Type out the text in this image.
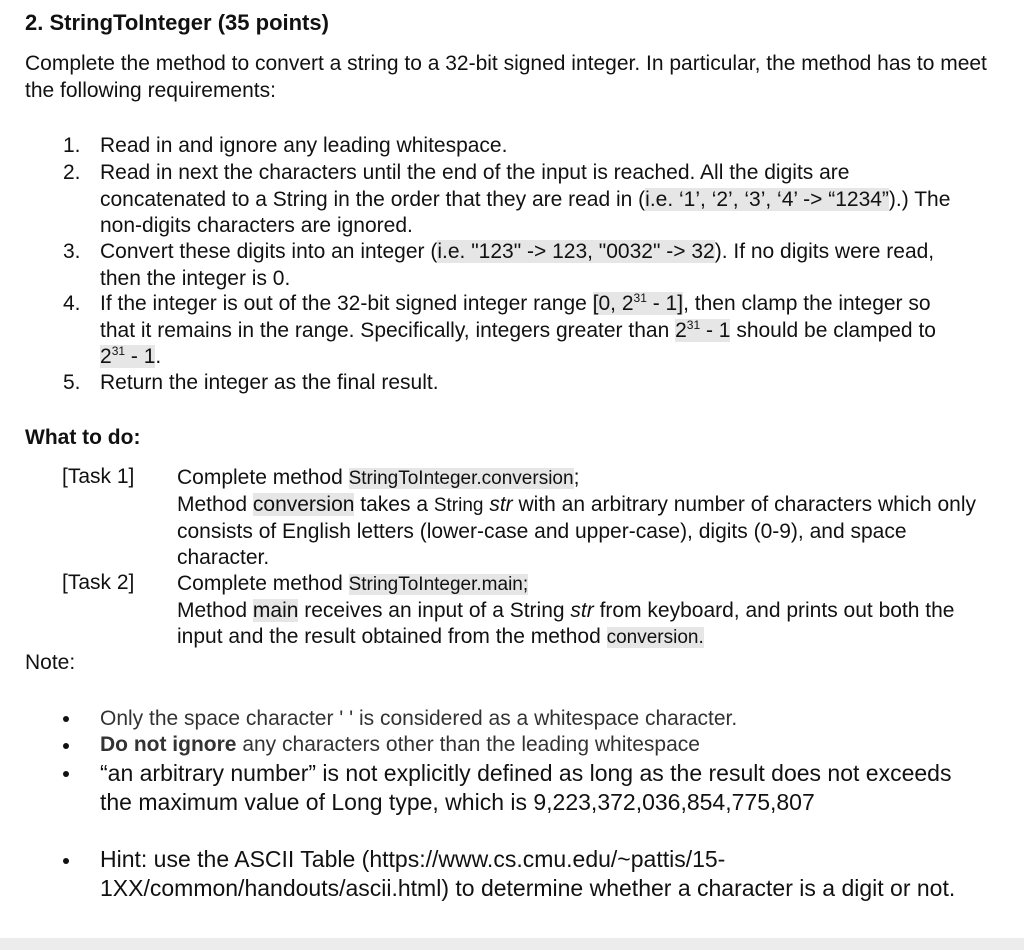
2. StringToInteger (35 points)
Complete the method to convert a string to a 32-bit signed integer. In particular, the method has to meet the following requirements:
1. Read in and ignore any leading whitespace.
2. Read in next the characters until the end of the input is reached. All the digits are concatenated to a String in the order that they are read in (i.e. ‘1’, ‘2’, ‘3’, ‘4’ -> “1234”).) The non-digits characters are ignored.
3. Convert these digits into an integer (i.e. "123" -> 123, "0032" -> 32). If no digits were read, then the integer is 0.
4. If the integer is out of the 32-bit signed integer range [0, $2^{31} - 1$], then clamp the integer so that it remains in the range. Specifically, integers greater than $2^{31} - 1$ should be clamped to $2^{31} - 1$.
5. Return the integer as the final result.
What to do:
[Task 1] Complete method StringToInteger.conversion;
Method conversion takes a String str with an arbitrary number of characters which only consists of English letters (lower-case and upper-case), digits (0-9), and space character.
[Task 2] Complete method StringToInteger.main;
Method main receives an input of a String str from keyboard, and prints out both the input and the result obtained from the method conversion.
Note:
Only the space character ' ' is considered as a whitespace character.
Do not ignore any characters other than the leading whitespace
“an arbitrary number” is not explicitly defined as long as the result does not exceeds the maximum value of Long type, which is 9,223,372,036,854,775,807
Hint: use the ASCII Table (https://www.cs.cmu.edu/~pattis/15-1XX/common/handouts/ascii.html) to determine whether a character is a digit or not.
